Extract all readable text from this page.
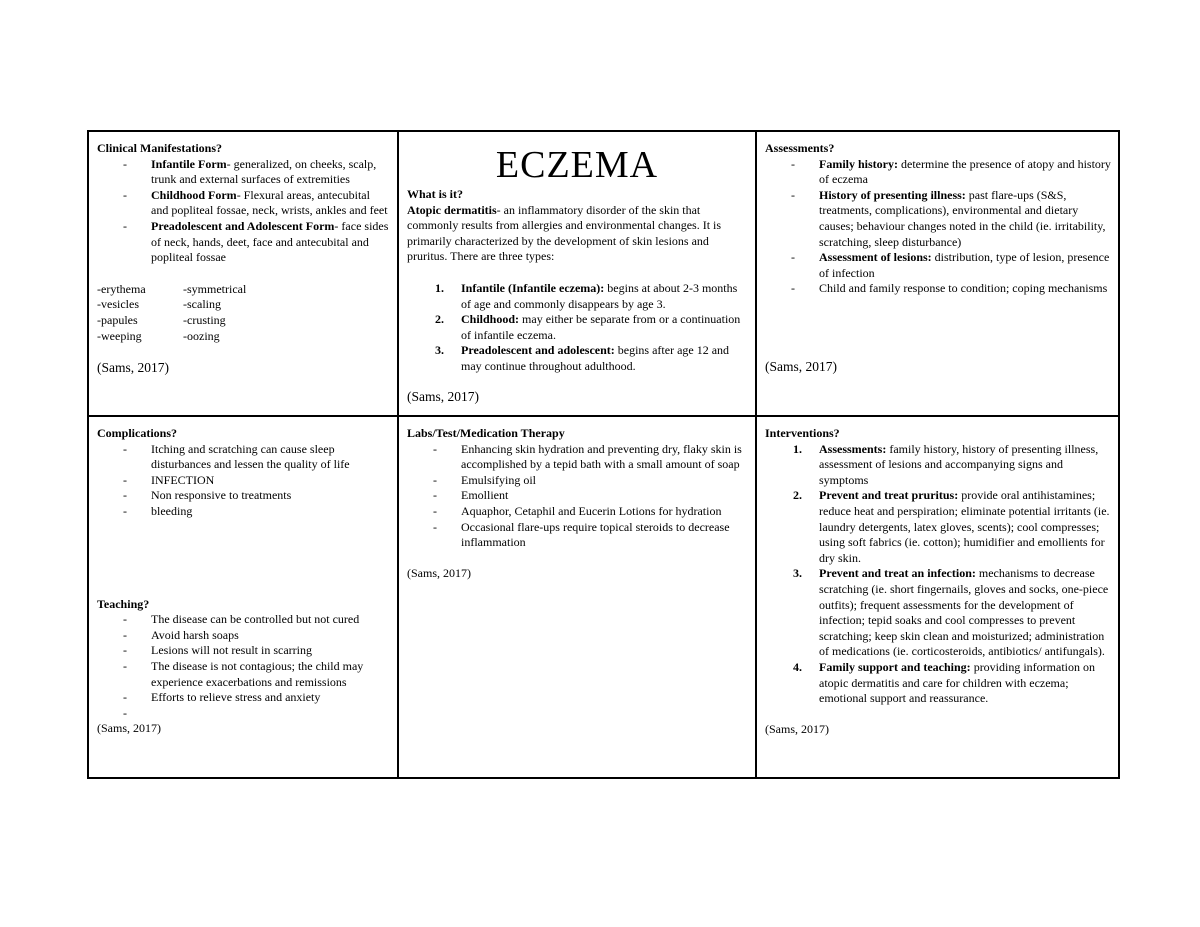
Clinical Manifestations?
- Infantile Form- generalized, on cheeks, scalp, trunk and external surfaces of extremities
- Childhood Form- Flexural areas, antecubital and popliteal fossae, neck, wrists, ankles and feet
- Preadolescent and Adolescent Form- face sides of neck, hands, deet, face and antecubital and popliteal fossae
-erythema	-symmetrical
-vesicles	-scaling
-papules	-crusting
-weeping	-oozing
(Sams, 2017)
ECZEMA
What is it?
Atopic dermatitis- an inflammatory disorder of the skin that commonly results from allergies and environmental changes. It is primarily characterized by the development of skin lesions and pruritus. There are three types:
1. Infantile (Infantile eczema): begins at about 2-3 months of age and commonly disappears by age 3.
2. Childhood: may either be separate from or a continuation of infantile eczema.
3. Preadolescent and adolescent: begins after age 12 and may continue throughout adulthood.
(Sams, 2017)
Assessments?
- Family history: determine the presence of atopy and history of eczema
- History of presenting illness: past flare-ups (S&S, treatments, complications), environmental and dietary causes; behaviour changes noted in the child (ie. irritability, scratching, sleep disturbance)
- Assessment of lesions: distribution, type of lesion, presence of infection
- Child and family response to condition; coping mechanisms
(Sams, 2017)
Complications?
- Itching and scratching can cause sleep disturbances and lessen the quality of life
- INFECTION
- Non responsive to treatments
- bleeding
Teaching?
- The disease can be controlled but not cured
- Avoid harsh soaps
- Lesions will not result in scarring
- The disease is not contagious; the child may experience exacerbations and remissions
- Efforts to relieve stress and anxiety
-
(Sams, 2017)
Labs/Test/Medication Therapy
- Enhancing skin hydration and preventing dry, flaky skin is accomplished by a tepid bath with a small amount of soap
- Emulsifying oil
- Emollient
- Aquaphor, Cetaphil and Eucerin Lotions for hydration
- Occasional flare-ups require topical steroids to decrease inflammation
(Sams, 2017)
Interventions?
1. Assessments: family history, history of presenting illness, assessment of lesions and accompanying signs and symptoms
2. Prevent and treat pruritus: provide oral antihistamines; reduce heat and perspiration; eliminate potential irritants (ie. laundry detergents, latex gloves, scents); cool compresses; using soft fabrics (ie. cotton); humidifier and emollients for dry skin.
3. Prevent and treat an infection: mechanisms to decrease scratching (ie. short fingernails, gloves and socks, one-piece outfits); frequent assessments for the development of infection; tepid soaks and cool compresses to prevent scratching; keep skin clean and moisturized; administration of medications (ie. corticosteroids, antibiotics/ antifungals).
4. Family support and teaching: providing information on atopic dermatitis and care for children with eczema; emotional support and reassurance.
(Sams, 2017)
